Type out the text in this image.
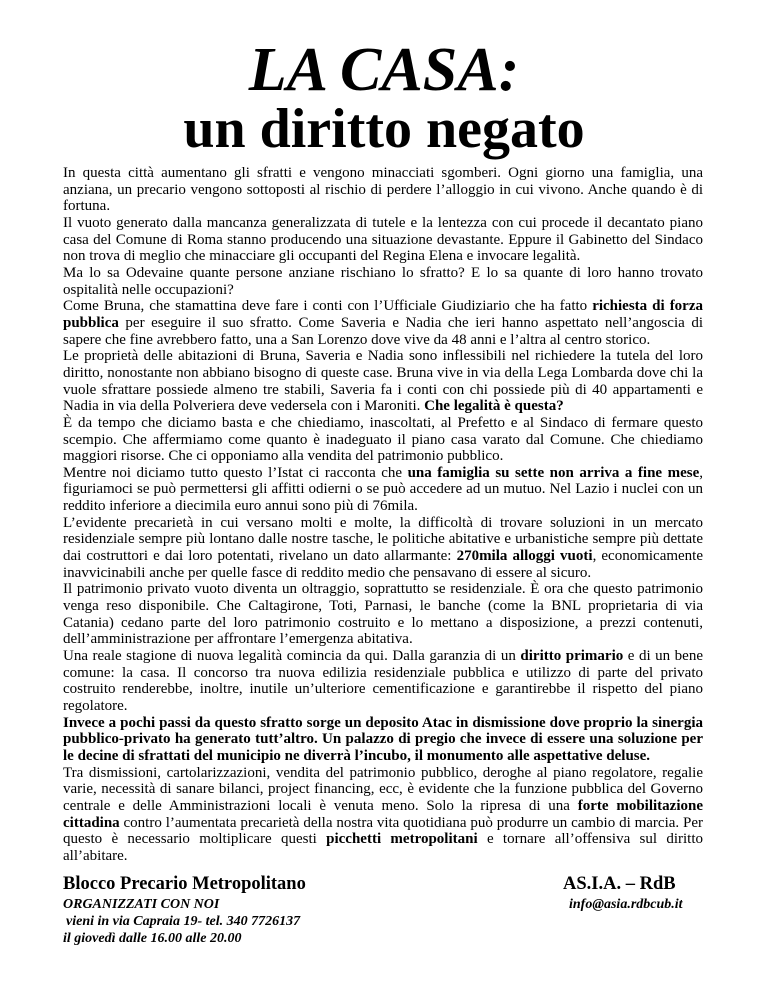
LA CASA:
un diritto negato

In questa città aumentano gli sfratti e vengono minacciati sgomberi. Ogni giorno una famiglia, una anziana, un precario vengono sottoposti al rischio di perdere l’alloggio in cui vivono. Anche quando è di fortuna.

Il vuoto generato dalla mancanza generalizzata di tutele e la lentezza con cui procede il decantato piano casa del Comune di Roma stanno producendo una situazione devastante. Eppure il Gabinetto del Sindaco non trova di meglio che minacciare gli occupanti del Regina Elena e invocare legalità.

Ma lo sa Odevaine quante persone anziane rischiano lo sfratto? E lo sa quante di loro hanno trovato ospitalità nelle occupazioni?

Come Bruna, che stamattina deve fare i conti con l’Ufficiale Giudiziario che ha fatto richiesta di forza pubblica per eseguire il suo sfratto. Come Saveria e Nadia che ieri hanno aspettato nell’angoscia di sapere che fine avrebbero fatto, una a San Lorenzo dove vive da 48 anni e l’altra al centro storico.

Le proprietà delle abitazioni di Bruna, Saveria e Nadia sono inflessibili nel richiedere la tutela del loro diritto, nonostante non abbiano bisogno di queste case. Bruna vive in via della Lega Lombarda dove chi la vuole sfrattare possiede almeno tre stabili, Saveria fa i conti con chi possiede più di 40 appartamenti e Nadia in via della Polveriera deve vedersela con i Maroniti. Che legalità è questa?

È da tempo che diciamo basta e che chiediamo, inascoltati, al Prefetto e al Sindaco di fermare questo scempio. Che affermiamo come quanto è inadeguato il piano casa varato dal Comune. Che chiediamo maggiori risorse. Che ci opponiamo alla vendita del patrimonio pubblico.

Mentre noi diciamo tutto questo l’Istat ci racconta che una famiglia su sette non arriva a fine mese, figuriamoci se può permettersi gli affitti odierni o se può accedere ad un mutuo. Nel Lazio i nuclei con un reddito inferiore a diecimila euro annui sono più di 76mila.

L’evidente precarietà in cui versano molti e molte, la difficoltà di trovare soluzioni in un mercato residenziale sempre più lontano dalle nostre tasche, le politiche abitative e urbanistiche sempre più dettate dai costruttori e dai loro potentati, rivelano un dato allarmante: 270mila alloggi vuoti, economicamente inavvicinabili anche per quelle fasce di reddito medio che pensavano di essere al sicuro.

Il patrimonio privato vuoto diventa un oltraggio, soprattutto se residenziale. È ora che questo patrimonio venga reso disponibile. Che Caltagirone, Toti, Parnasi, le banche (come la BNL proprietaria di via Catania) cedano parte del loro patrimonio costruito e lo mettano a disposizione, a prezzi contenuti, dell’amministrazione per affrontare l’emergenza abitativa.

Una reale stagione di nuova legalità comincia da qui. Dalla garanzia di un diritto primario e di un bene comune: la casa. Il concorso tra nuova edilizia residenziale pubblica e utilizzo di parte del privato costruito renderebbe, inoltre, inutile un’ulteriore cementificazione e garantirebbe il rispetto del piano regolatore.

Invece a pochi passi da questo sfratto sorge un deposito Atac in dismissione dove proprio la sinergia pubblico-privato ha generato tutt’altro. Un palazzo di pregio che invece di essere una soluzione per le decine di sfrattati del municipio ne diverrà l’incubo, il monumento alle aspettative deluse.

Tra dismissioni, cartolarizzazioni, vendita del patrimonio pubblico, deroghe al piano regolatore, regalie varie, necessità di sanare bilanci, project financing, ecc, è evidente che la funzione pubblica del Governo centrale e delle Amministrazioni locali è venuta meno. Solo la ripresa di una forte mobilitazione cittadina contro l’aumentata precarietà della nostra vita quotidiana può produrre un cambio di marcia. Per questo è necessario moltiplicare questi picchetti metropolitani e tornare all’offensiva sul diritto all’abitare.

Blocco Precario Metropolitano	AS.I.A. – RdB
ORGANIZZATI CON NOI
vieni in via Capraia 19- tel. 340 7726137
il giovedì dalle 16.00 alle 20.00
info@asia.rdbcub.it
